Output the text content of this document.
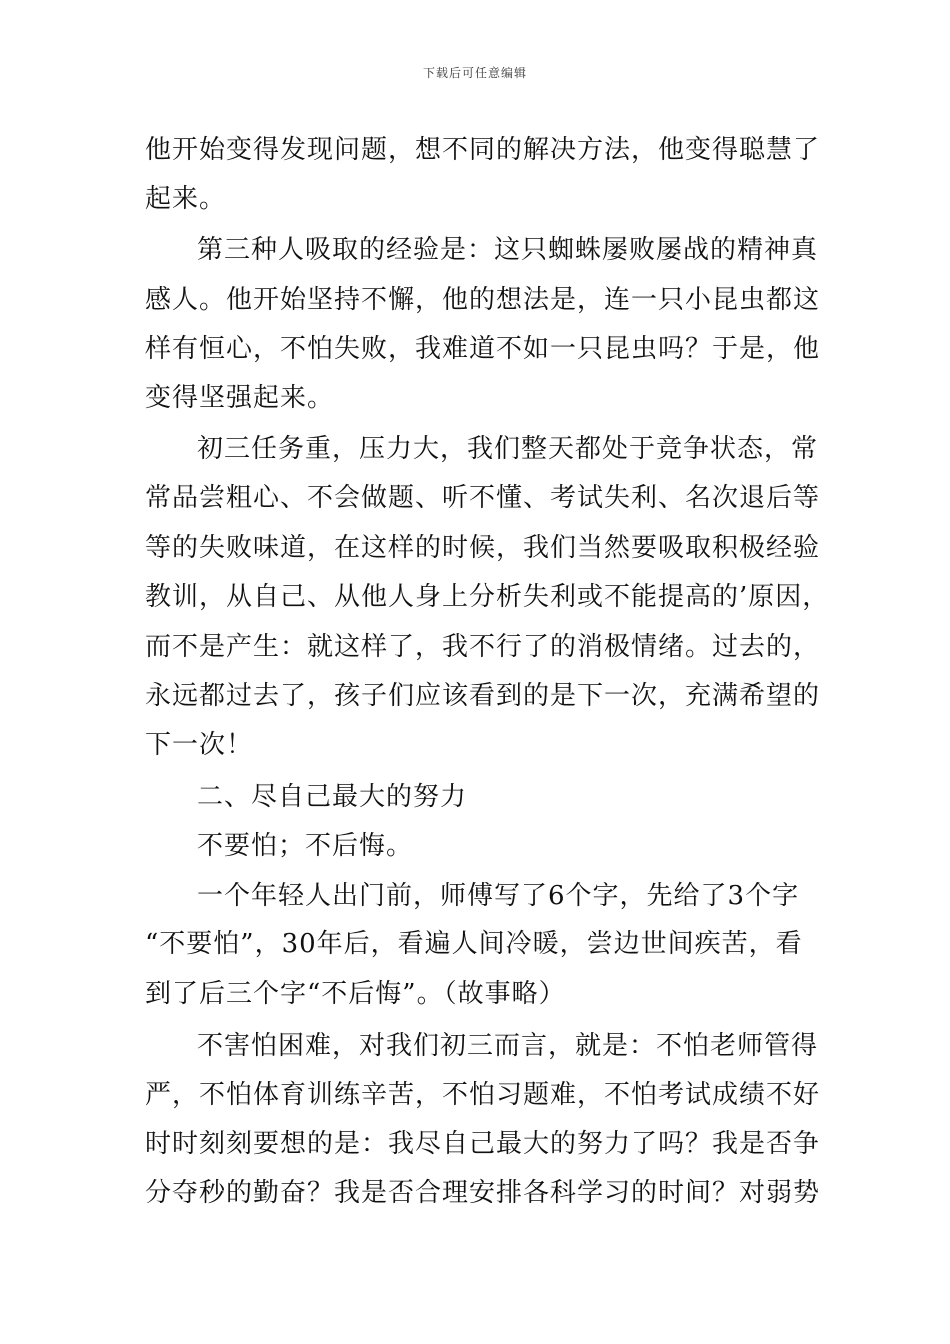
下载后可任意编辑
他开始变得发现问题，想不同的解决方法，他变得聪慧了
起来。
第三种人吸取的经验是：这只蜘蛛屡败屡战的精神真
感人。他开始坚持不懈，他的想法是，连一只小昆虫都这
样有恒心，不怕失败，我难道不如一只昆虫吗？于是，他
变得坚强起来。
初三任务重，压力大，我们整天都处于竞争状态，常
常品尝粗心、不会做题、听不懂、考试失利、名次退后等
等的失败味道，在这样的时候，我们当然要吸取积极经验
教训，从自己、从他人身上分析失利或不能提高的’原因，
而不是产生：就这样了，我不行了的消极情绪。过去的，
永远都过去了，孩子们应该看到的是下一次，充满希望的
下一次！
二、尽自己最大的努力
不要怕；不后悔。
一个年轻人出门前，师傅写了6个字，先给了3个字
“不要怕”，30年后，看遍人间冷暖，尝边世间疾苦，看
到了后三个字“不后悔”。（故事略）
不害怕困难，对我们初三而言，就是：不怕老师管得
严，不怕体育训练辛苦，不怕习题难，不怕考试成绩不好
时时刻刻要想的是：我尽自己最大的努力了吗？我是否争
分夺秒的勤奋？我是否合理安排各科学习的时间？对弱势
